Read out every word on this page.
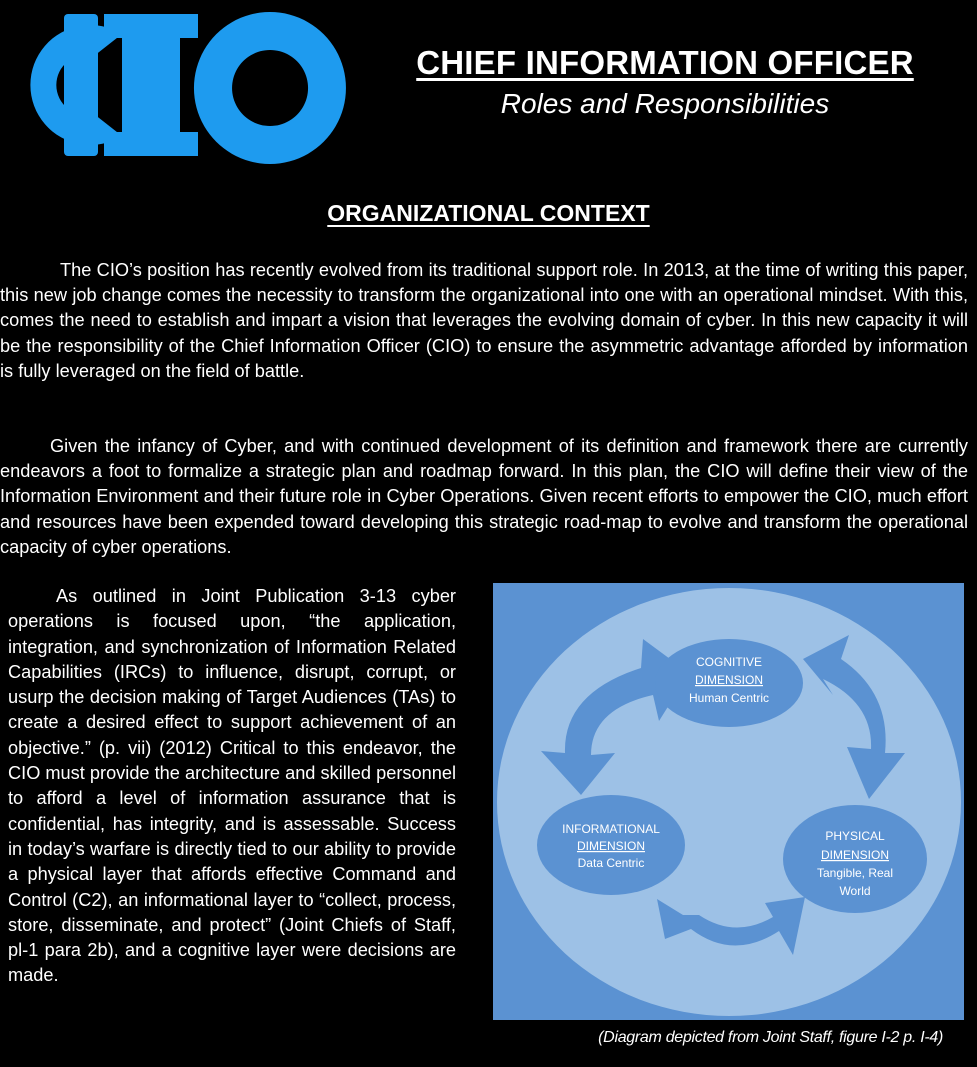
CHIEF INFORMATION OFFICER
Roles and Responsibilities
ORGANIZATIONAL CONTEXT
The CIO’s position has recently evolved from its traditional support role. In 2013, at the time of writing this paper, this new job change comes the necessity to transform the organizational into one with an operational mindset. With this, comes the need to establish and impart a vision that leverages the evolving domain of cyber. In this new capacity it will be the responsibility of the Chief Information Officer (CIO) to ensure the asymmetric advantage afforded by information is fully leveraged on the field of battle.
Given the infancy of Cyber, and with continued development of its definition and framework there are currently endeavors a foot to formalize a strategic plan and roadmap forward. In this plan, the CIO will define their view of the Information Environment and their future role in Cyber Operations. Given recent efforts to empower the CIO, much effort and resources have been expended toward developing this strategic road-map to evolve and transform the operational capacity of cyber operations.
As outlined in Joint Publication 3-13 cyber operations is focused upon, “the application, integration, and synchronization of Information Related Capabilities (IRCs) to influence, disrupt, corrupt, or usurp the decision making of Target Audiences (TAs) to create a desired effect to support achievement of an objective.” (p. vii) (2012) Critical to this endeavor, the CIO must provide the architecture and skilled personnel to afford a level of information assurance that is confidential, has integrity, and is assessable. Success in today’s warfare is directly tied to our ability to provide a physical layer that affords effective Command and Control (C2), an informational layer to “collect, process, store, disseminate, and protect” (Joint Chiefs of Staff, pl-1 para 2b), and a cognitive layer were decisions are made.
COGNITIVE
DIMENSION
Human Centric
INFORMATIONAL
DIMENSION
Data Centric
PHYSICAL
DIMENSION
Tangible, Real
World
(Diagram depicted from Joint Staff, figure I-2 p. I-4)
